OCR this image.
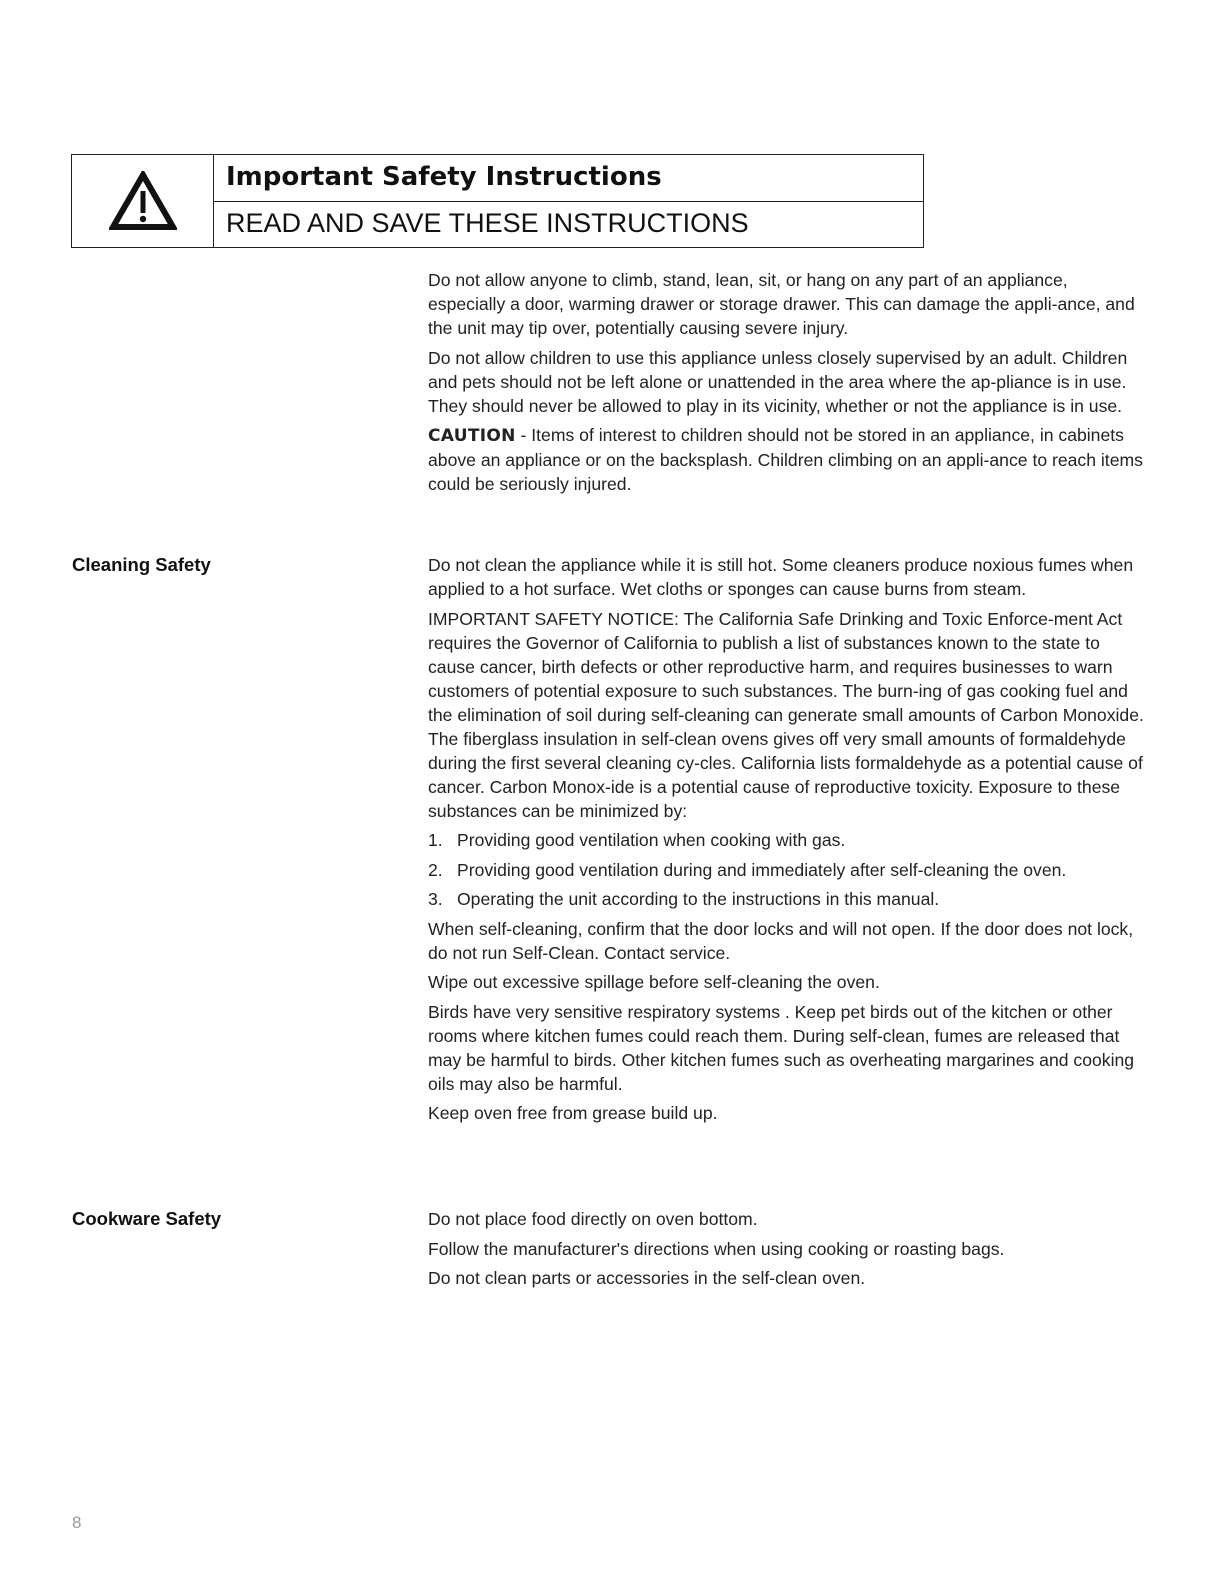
Important Safety Instructions
READ AND SAVE THESE INSTRUCTIONS

Do not allow anyone to climb, stand, lean, sit, or hang on any part of an appliance, especially a door, warming drawer or storage drawer. This can damage the appli-ance, and the unit may tip over, potentially causing severe injury.

Do not allow children to use this appliance unless closely supervised by an adult. Children and pets should not be left alone or unattended in the area where the ap-pliance is in use. They should never be allowed to play in its vicinity, whether or not the appliance is in use.

CAUTION - Items of interest to children should not be stored in an appliance, in cabinets above an appliance or on the backsplash. Children climbing on an appli-ance to reach items could be seriously injured.

Cleaning Safety	Do not clean the appliance while it is still hot. Some cleaners produce noxious fumes when applied to a hot surface. Wet cloths or sponges can cause burns from steam.

IMPORTANT SAFETY NOTICE: The California Safe Drinking and Toxic Enforce-ment Act requires the Governor of California to publish a list of substances known to the state to cause cancer, birth defects or other reproductive harm, and requires businesses to warn customers of potential exposure to such substances. The burn-ing of gas cooking fuel and the elimination of soil during self-cleaning can generate small amounts of Carbon Monoxide. The fiberglass insulation in self-clean ovens gives off very small amounts of formaldehyde during the first several cleaning cy-cles. California lists formaldehyde as a potential cause of cancer. Carbon Monox-ide is a potential cause of reproductive toxicity. Exposure to these substances can be minimized by:

1. Providing good ventilation when cooking with gas.
2. Providing good ventilation during and immediately after self-cleaning the oven.
3. Operating the unit according to the instructions in this manual.

When self-cleaning, confirm that the door locks and will not open. If the door does not lock, do not run Self-Clean. Contact service.

Wipe out excessive spillage before self-cleaning the oven.

Birds have very sensitive respiratory systems . Keep pet birds out of the kitchen or other rooms where kitchen fumes could reach them. During self-clean, fumes are released that may be harmful to birds. Other kitchen fumes such as overheating margarines and cooking oils may also be harmful.

Keep oven free from grease build up.

Cookware Safety	Do not place food directly on oven bottom.

Follow the manufacturer's directions when using cooking or roasting bags.

Do not clean parts or accessories in the self-clean oven.

8
